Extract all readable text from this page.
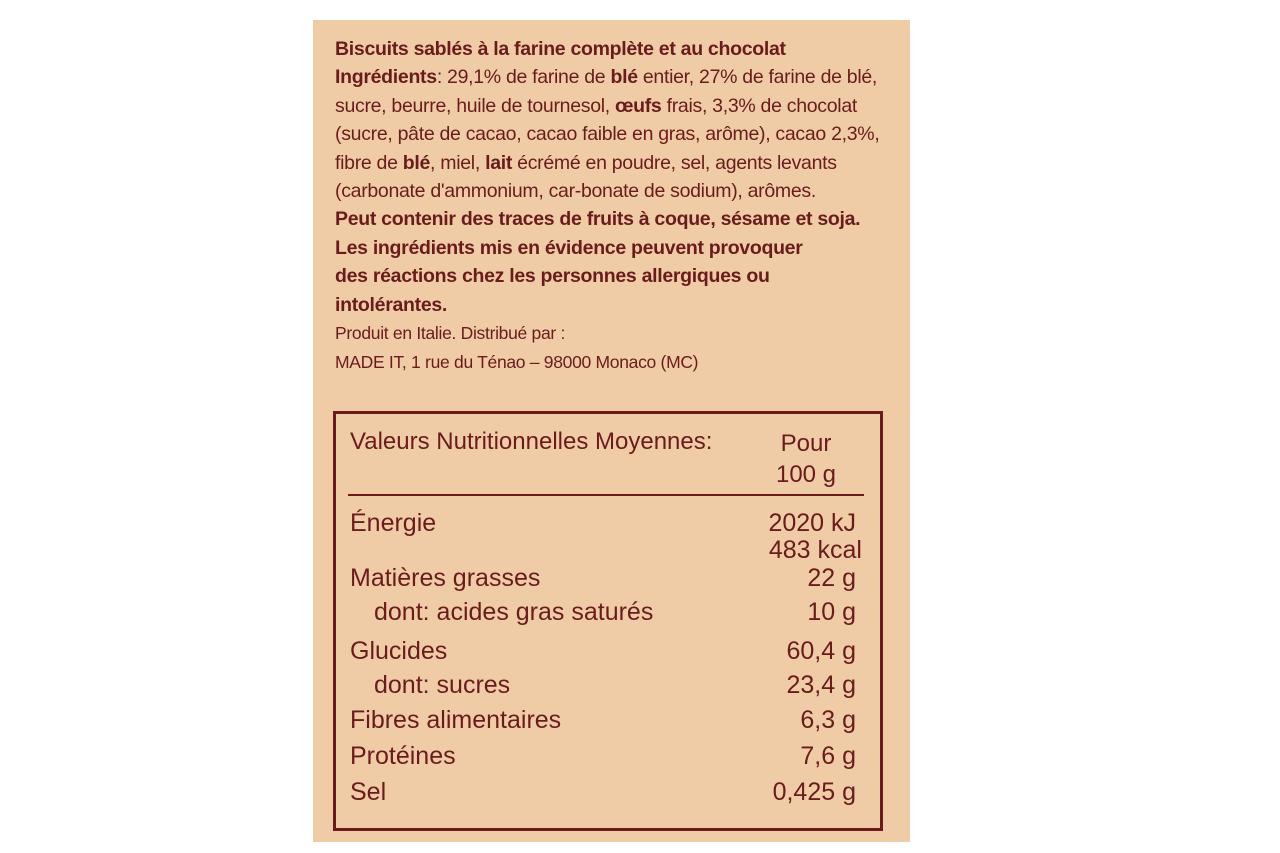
Biscuits sablés à la farine complète et au chocolat

Ingrédients: 29,1% de farine de blé entier, 27% de farine de blé, sucre, beurre, huile de tournesol, œufs frais, 3,3% de chocolat (sucre, pâte de cacao, cacao faible en gras, arôme), cacao 2,3%, fibre de blé, miel, lait écrémé en poudre, sel, agents levants (carbonate d'ammonium, car-bonate de sodium), arômes.

Peut contenir des traces de fruits à coque, sésame et soja.

Les ingrédients mis en évidence peuvent provoquer

des réactions chez les personnes allergiques ou

intolérantes.

Produit en Italie. Distribué par :

MADE IT, 1 rue du Ténao – 98000 Monaco (MC)

Valeurs Nutritionnelles Moyennes:	Pour
100 g
Énergie	2020 kJ
483 kcal
Matières grasses	22 g
dont: acides gras saturés	10 g
Glucides	60,4 g
dont: sucres	23,4 g
Fibres alimentaires	6,3 g
Protéines	7,6 g
Sel	0,425 g
